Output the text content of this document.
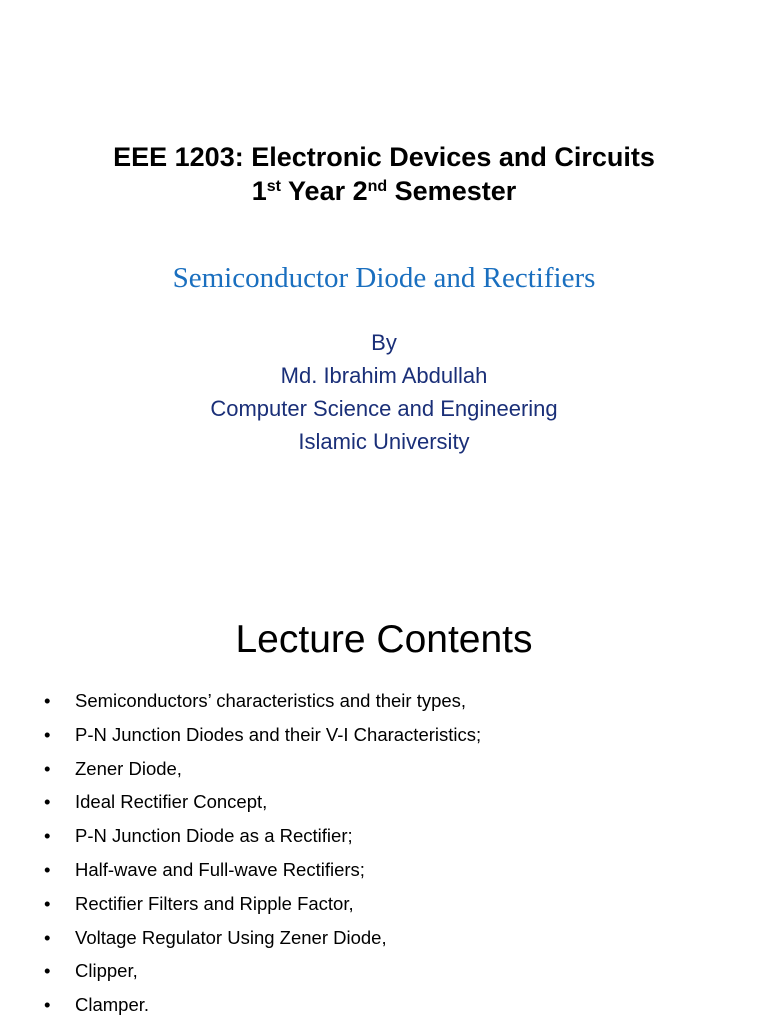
EEE 1203: Electronic Devices and Circuits
1st Year 2nd Semester
Semiconductor Diode and Rectifiers
By
Md. Ibrahim Abdullah
Computer Science and Engineering
Islamic University
Lecture Contents
• Semiconductors’ characteristics and their types,
• P-N Junction Diodes and their V-I Characteristics;
• Zener Diode,
• Ideal Rectifier Concept,
• P-N Junction Diode as a Rectifier;
• Half-wave and Full-wave Rectifiers;
• Rectifier Filters and Ripple Factor,
• Voltage Regulator Using Zener Diode,
• Clipper,
• Clamper.
